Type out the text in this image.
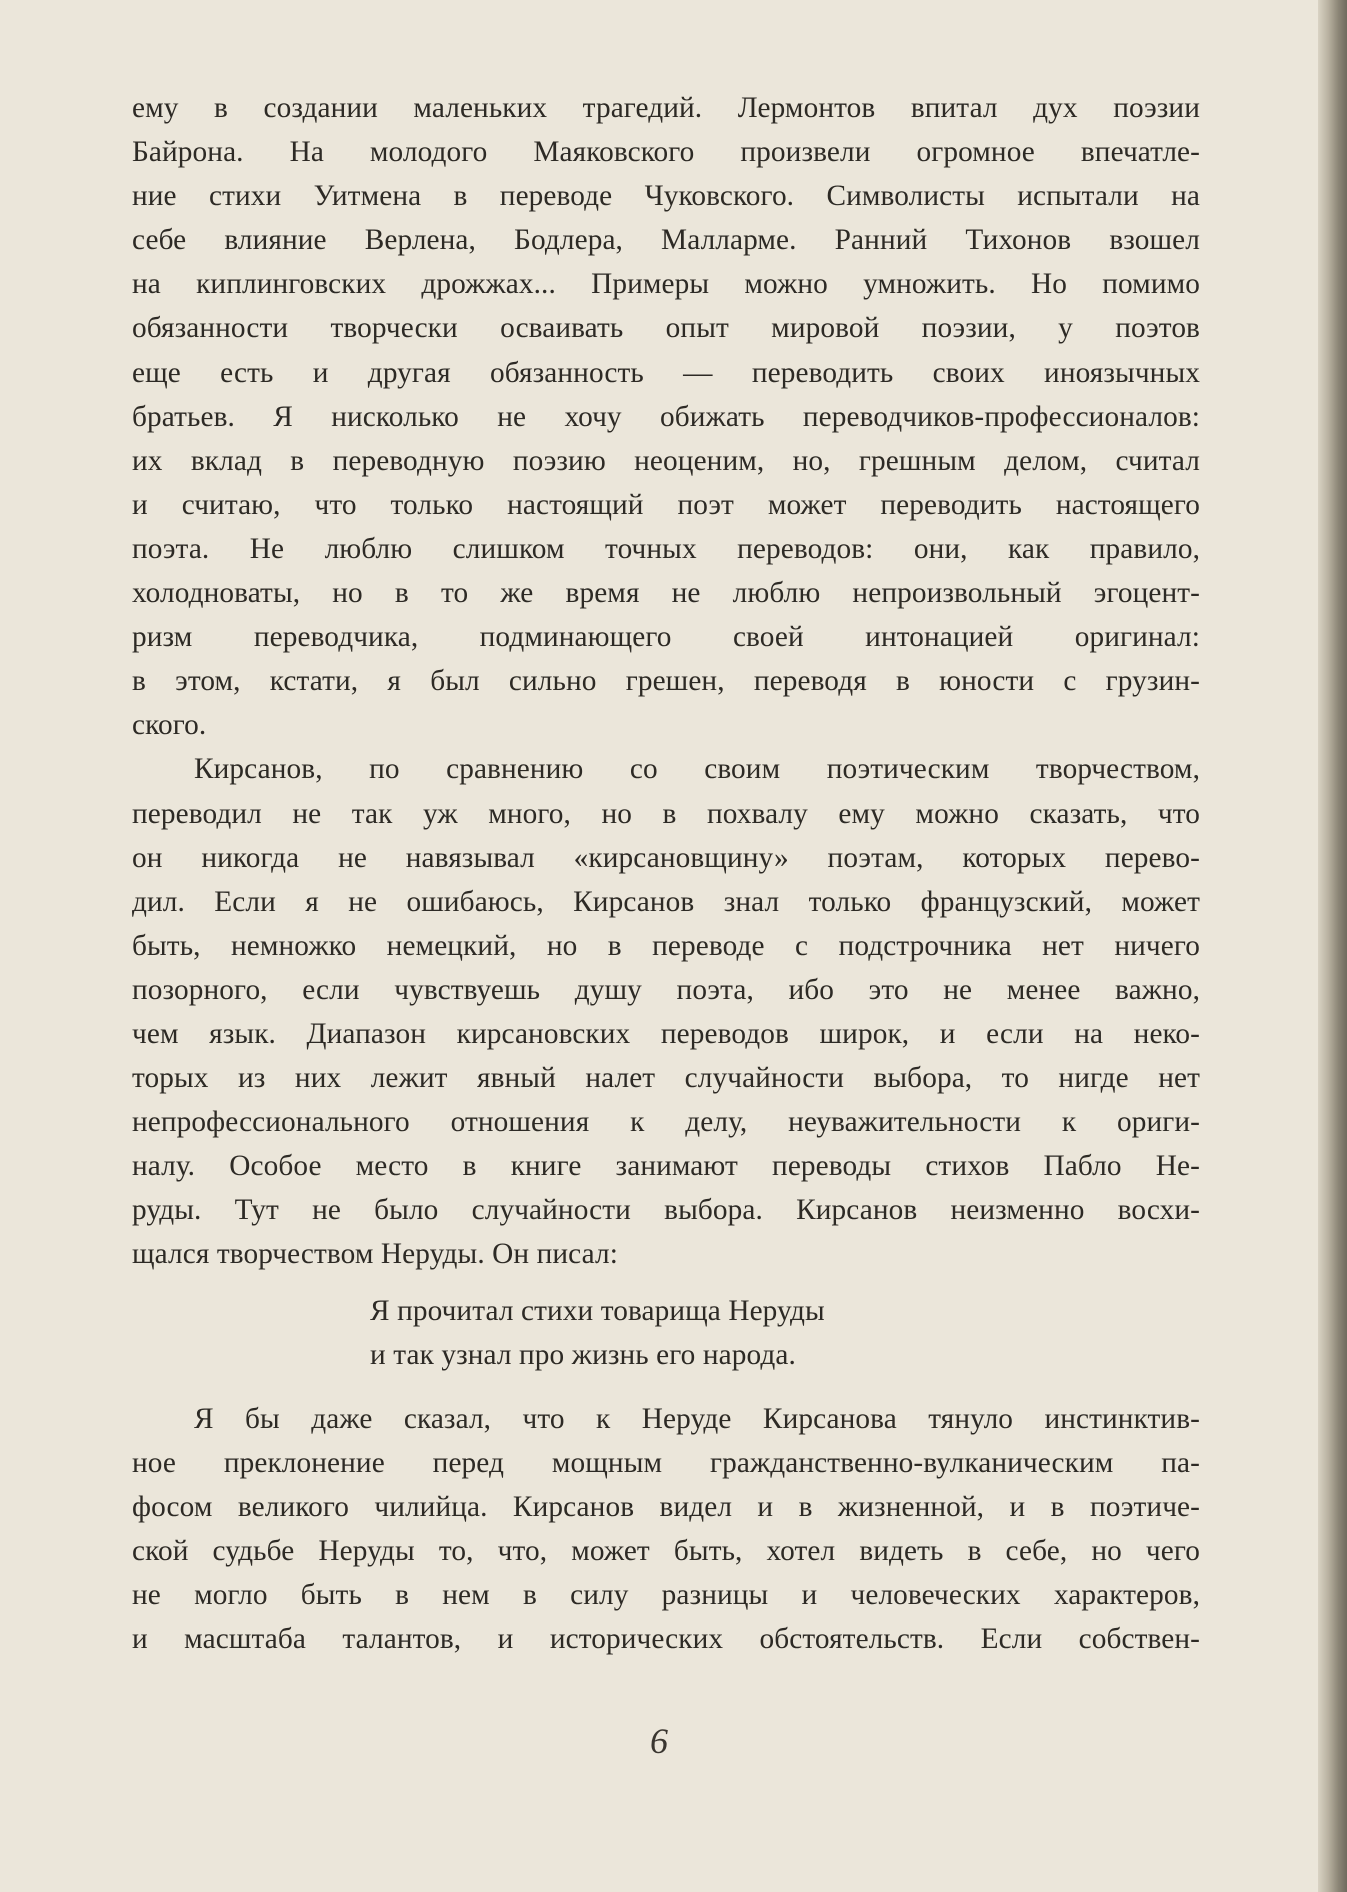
ему в создании маленьких трагедий. Лермонтов впитал дух поэзии
Байрона. На молодого Маяковского произвели огромное впечатле-
ние стихи Уитмена в переводе Чуковского. Символисты испытали на
себе влияние Верлена, Бодлера, Малларме. Ранний Тихонов взошел
на киплинговских дрожжах... Примеры можно умножить. Но помимо
обязанности творчески осваивать опыт мировой поэзии, у поэтов
еще есть и другая обязанность — переводить своих иноязычных
братьев. Я нисколько не хочу обижать переводчиков-профессионалов:
их вклад в переводную поэзию неоценим, но, грешным делом, считал
и считаю, что только настоящий поэт может переводить настоящего
поэта. Не люблю слишком точных переводов: они, как правило,
холодноваты, но в то же время не люблю непроизвольный эгоцент-
ризм переводчика, подминающего своей интонацией оригинал:
в этом, кстати, я был сильно грешен, переводя в юности с грузин-
ского.

Кирсанов, по сравнению со своим поэтическим творчеством,
переводил не так уж много, но в похвалу ему можно сказать, что
он никогда не навязывал «кирсановщину» поэтам, которых перево-
дил. Если я не ошибаюсь, Кирсанов знал только французский, может
быть, немножко немецкий, но в переводе с подстрочника нет ничего
позорного, если чувствуешь душу поэта, ибо это не менее важно,
чем язык. Диапазон кирсановских переводов широк, и если на неко-
торых из них лежит явный налет случайности выбора, то нигде нет
непрофессионального отношения к делу, неуважительности к ориги-
налу. Особое место в книге занимают переводы стихов Пабло Не-
руды. Тут не было случайности выбора. Кирсанов неизменно восхи-
щался творчеством Неруды. Он писал:

Я прочитал стихи товарища Неруды
и так узнал про жизнь его народа.

Я бы даже сказал, что к Неруде Кирсанова тянуло инстинктив-
ное преклонение перед мощным гражданственно-вулканическим па-
фосом великого чилийца. Кирсанов видел и в жизненной, и в поэтиче-
ской судьбе Неруды то, что, может быть, хотел видеть в себе, но чего
не могло быть в нем в силу разницы и человеческих характеров,
и масштаба талантов, и исторических обстоятельств. Если собствен-

6
